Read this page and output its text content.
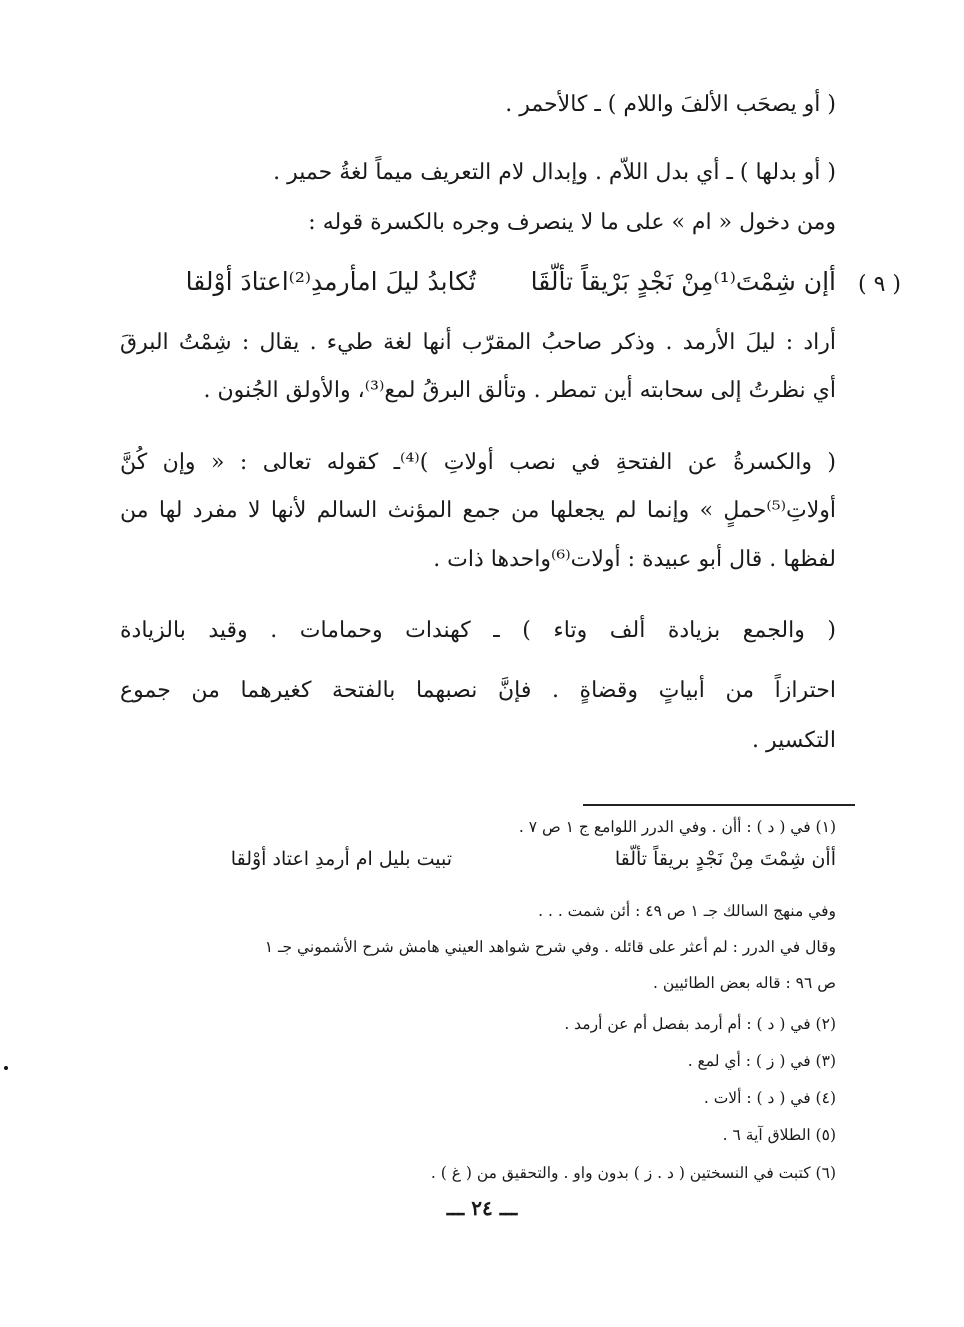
( أو يصحَب الألفَ واللام ) ـ كالأحمر .
( أو بدلها ) ـ أي بدل اللاّم . وإبدال لام التعريف ميماً لغةُ حمير .
ومن دخول « ام » على ما لا ينصرف وجره بالكسرة قوله :
( ٩ )
أإن شِمْتَ⁽¹⁾مِنْ نَجْدٍ بَرْيقاً تألّقَا
تُكابدُ ليلَ امأرمدِ⁽²⁾اعتادَ أوْلقا
أراد : ليلَ الأرمد . وذكر صاحبُ المقرّب أنها لغة طيء . يقال : شِمْتُ البرقَ
أي نظرتُ إلى سحابته أين تمطر . وتألق البرقُ لمع⁽³⁾، والأولق الجُنون .
( والكسرةُ عن الفتحةِ في نصب أولاتِ )⁽⁴⁾ـ كقوله تعالى : « وإن كُنَّ
أولاتِ⁽⁵⁾حملٍ » وإنما لم يجعلها من جمع المؤنث السالم لأنها لا مفرد لها من
لفظها . قال أبو عبيدة : أولات⁽⁶⁾واحدها ذات .
( والجمع بزيادة ألف وتاء ) ـ كهندات وحمامات . وقيد بالزيادة
احترازاً من أبياتٍ وقضاةٍ . فإنَّ نصبهما بالفتحة كغيرهما من جموع
التكسير .
(١) في ( د ) : أأن . وفي الدرر اللوامع ج ١ ص ٧ .
أأن شِمْتَ مِنْ نَجْدٍ بريقاً تألّقا
تبيت بليل ام أرمدِ اعتاد أوْلقا
وفي منهج السالك جـ ١ ص ٤٩ : أئن شمت . . .
وقال في الدرر : لم أعثر على قائله . وفي شرح شواهد العيني هامش شرح الأشموني جـ ١
ص ٩٦ : قاله بعض الطائيين .
(٢) في ( د ) : أم أرمد بفصل أم عن أرمد .
(٣) في ( ز ) : أي لمع .
(٤) في ( د ) : ألات .
(٥) الطلاق آية ٦ .
(٦) كتبت في النسختين ( د . ز ) بدون واو . والتحقيق من ( غ ) .
ـــ ٢٤ ـــ
